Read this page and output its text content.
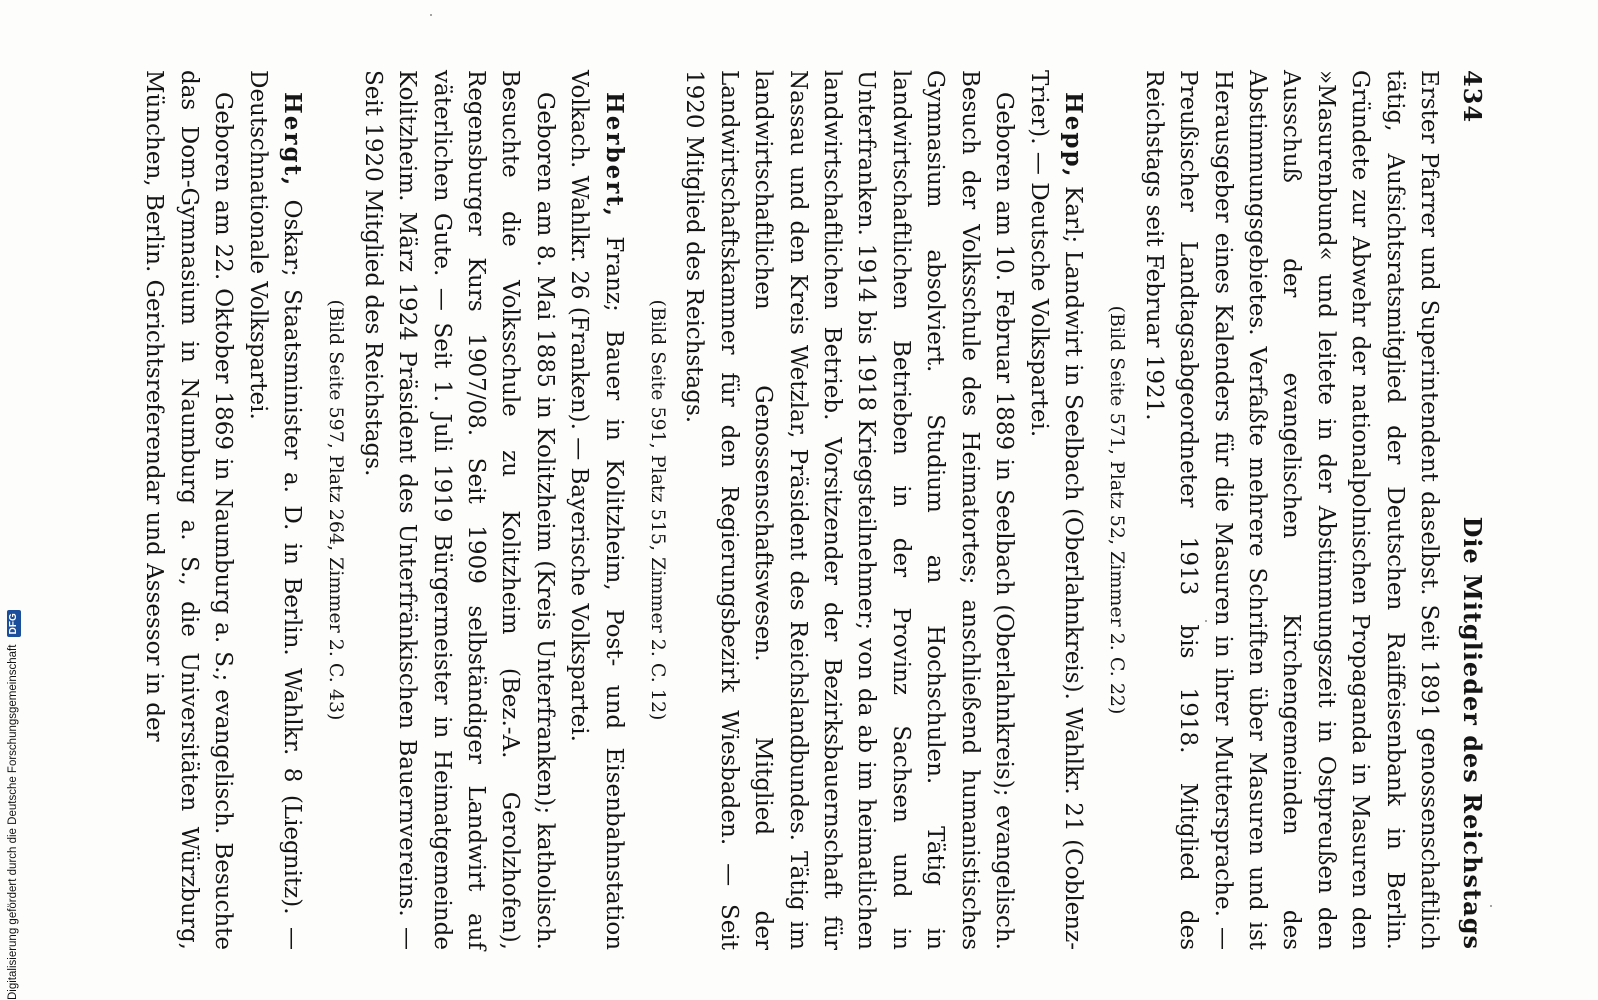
434
Die Mitglieder des Reichstags

Erster Pfarrer und Superintendent daselbst. Seit 1891 genossenschaftlich tätig, Aufsichtsratsmitglied der Deutschen Raiffeisenbank in Berlin. Gründete zur Abwehr der nationalpolnischen Propaganda in Masuren den »Masurenbund« und leitete in der Abstimmungszeit in Ostpreußen den Ausschuß der evangelischen Kirchengemeinden des Abstimmungsgebietes. Verfaßte mehrere Schriften über Masuren und ist Herausgeber eines Kalenders für die Masuren in ihrer Muttersprache. — Preußischer Landtagsabgeordneter 1913 bis 1918. Mitglied des Reichstags seit Februar 1921.

(Bild Seite 571, Platz 52, Zimmer 2. C. 22)

Hepp, Karl; Landwirt in Seelbach (Oberlahnkreis). Wahlkr. 21 (Coblenz-Trier). — Deutsche Volkspartei.

Geboren am 10. Februar 1889 in Seelbach (Oberlahnkreis); evangelisch. Besuch der Volksschule des Heimatortes; anschließend humanistisches Gymnasium absolviert. Studium an Hochschulen. Tätig in landwirtschaftlichen Betrieben in der Provinz Sachsen und in Unterfranken. 1914 bis 1918 Kriegsteilnehmer; von da ab im heimatlichen landwirtschaftlichen Betrieb. Vorsitzender der Bezirksbauernschaft für Nassau und den Kreis Wetzlar, Präsident des Reichslandbundes. Tätig im landwirtschaftlichen Genossenschaftswesen. Mitglied der Landwirtschaftskammer für den Regierungsbezirk Wiesbaden. — Seit 1920 Mitglied des Reichstags.

(Bild Seite 591, Platz 515, Zimmer 2. C. 12)

Herbert, Franz; Bauer in Kolitzheim, Post- und Eisenbahnstation Volkach. Wahlkr. 26 (Franken). — Bayerische Volkspartei.

Geboren am 8. Mai 1885 in Kolitzheim (Kreis Unterfranken); katholisch. Besuchte die Volksschule zu Kolitzheim (Bez.-A. Gerolzhofen), Regensburger Kurs 1907/08. Seit 1909 selbständiger Landwirt auf väterlichen Gute. — Seit 1. Juli 1919 Bürgermeister in Heimatgemeinde Kolitzheim. März 1924 Präsident des Unterfränkischen Bauernvereins. — Seit 1920 Mitglied des Reichstags.

(Bild Seite 597, Platz 264, Zimmer 2. C. 43)

Hergt, Oskar; Staatsminister a. D. in Berlin. Wahlkr. 8 (Liegnitz). — Deutschnationale Volkspartei.

Geboren am 22. Oktober 1869 in Naumburg a. S.; evangelisch. Besuchte das Dom-Gymnasium in Naumburg a. S., die Universitäten Würzburg, München, Berlin. Gerichtsreferendar und Assessor in der

Digitalisierung gefördert durch die Deutsche Forschungsgemeinschaft DFG
